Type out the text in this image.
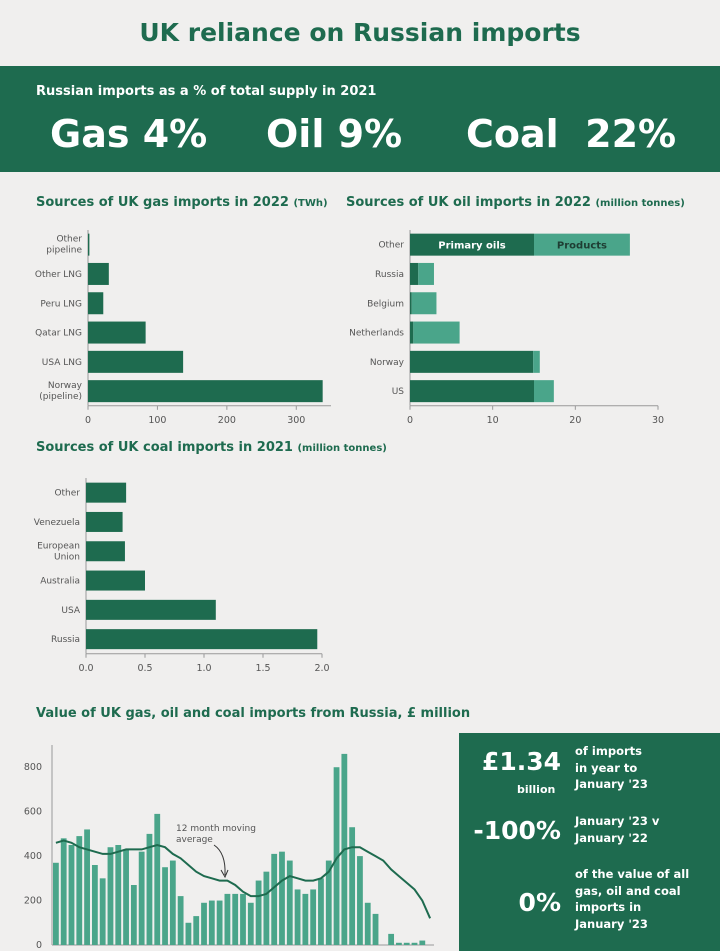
UK reliance on Russian imports
Russian imports as a % of total supply in 2021
Gas 4% Oil 9% Coal 22%
Sources of UK gas imports in 2022 (TWh)
Other pipeline
Other LNG
Peru LNG
Qatar LNG
USA LNG
Norway (pipeline)
0	100	200	300
Sources of UK oil imports in 2022 (million tonnes)
Other
Russia
Belgium
Netherlands
Norway
US
0	10	20	30
Primary oils	Products
Sources of UK coal imports in 2021 (million tonnes)
Other
Venezuela
European Union
Australia
USA
Russia
0.0	0.5	1.0	1.5	2.0
Value of UK gas, oil and coal imports from Russia, £ million
0
200
400
600
800
12 month moving average
£1.34
billion
of imports
in year to
January '23
-100% January '23 v
January '22
0%
of the value of all
gas, oil and coal
imports in
January '23
